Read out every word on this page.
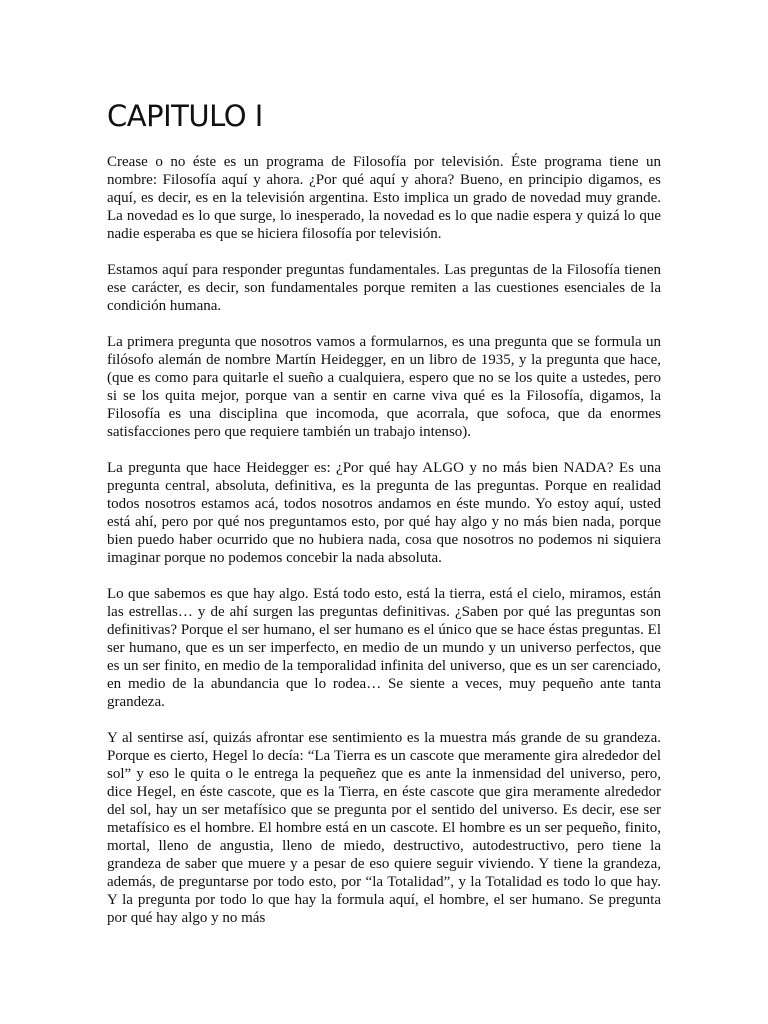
CAPITULO I

Crease o no éste es un programa de Filosofía por televisión. Éste programa tiene un nombre: Filosofía aquí y ahora. ¿Por qué aquí y ahora? Bueno, en principio digamos, es aquí, es decir, es en la televisión argentina. Esto implica un grado de novedad muy grande. La novedad es lo que surge, lo inesperado, la novedad es lo que nadie espera y quizá lo que nadie esperaba es que se hiciera filosofía por televisión.

Estamos aquí para responder preguntas fundamentales. Las preguntas de la Filosofía tienen ese carácter, es decir, son fundamentales porque remiten a las cuestiones esenciales de la condición humana.

La primera pregunta que nosotros vamos a formularnos, es una pregunta que se formula un filósofo alemán de nombre Martín Heidegger, en un libro de 1935, y la pregunta que hace, (que es como para quitarle el sueño a cualquiera, espero que no se los quite a ustedes, pero si se los quita mejor, porque van a sentir en carne viva qué es la Filosofía, digamos, la Filosofía es una disciplina que incomoda, que acorrala, que sofoca, que da enormes satisfacciones pero que requiere también un trabajo intenso).

La pregunta que hace Heidegger es: ¿Por qué hay ALGO y no más bien NADA? Es una pregunta central, absoluta, definitiva, es la pregunta de las preguntas. Porque en realidad todos nosotros estamos acá, todos nosotros andamos en éste mundo. Yo estoy aquí, usted está ahí, pero por qué nos preguntamos esto, por qué hay algo y no más bien nada, porque bien puedo haber ocurrido que no hubiera nada, cosa que nosotros no podemos ni siquiera imaginar porque no podemos concebir la nada absoluta.

Lo que sabemos es que hay algo. Está todo esto, está la tierra, está el cielo, miramos, están las estrellas… y de ahí surgen las preguntas definitivas. ¿Saben por qué las preguntas son definitivas? Porque el ser humano, el ser humano es el único que se hace éstas preguntas. El ser humano, que es un ser imperfecto, en medio de un mundo y un universo perfectos, que es un ser finito, en medio de la temporalidad infinita del universo, que es un ser carenciado, en medio de la abundancia que lo rodea… Se siente a veces, muy pequeño ante tanta grandeza.

Y al sentirse así, quizás afrontar ese sentimiento es la muestra más grande de su grandeza. Porque es cierto, Hegel lo decía: “La Tierra es un cascote que meramente gira alrededor del sol” y eso le quita o le entrega la pequeñez que es ante la inmensidad del universo, pero, dice Hegel, en éste cascote, que es la Tierra, en éste cascote que gira meramente alrededor del sol, hay un ser metafísico que se pregunta por el sentido del universo. Es decir, ese ser metafísico es el hombre. El hombre está en un cascote. El hombre es un ser pequeño, finito, mortal, lleno de angustia, lleno de miedo, destructivo, autodestructivo, pero tiene la grandeza de saber que muere y a pesar de eso quiere seguir viviendo. Y tiene la grandeza, además, de preguntarse por todo esto, por “la Totalidad”, y la Totalidad es todo lo que hay. Y la pregunta por todo lo que hay la formula aquí, el hombre, el ser humano. Se pregunta por qué hay algo y no más
